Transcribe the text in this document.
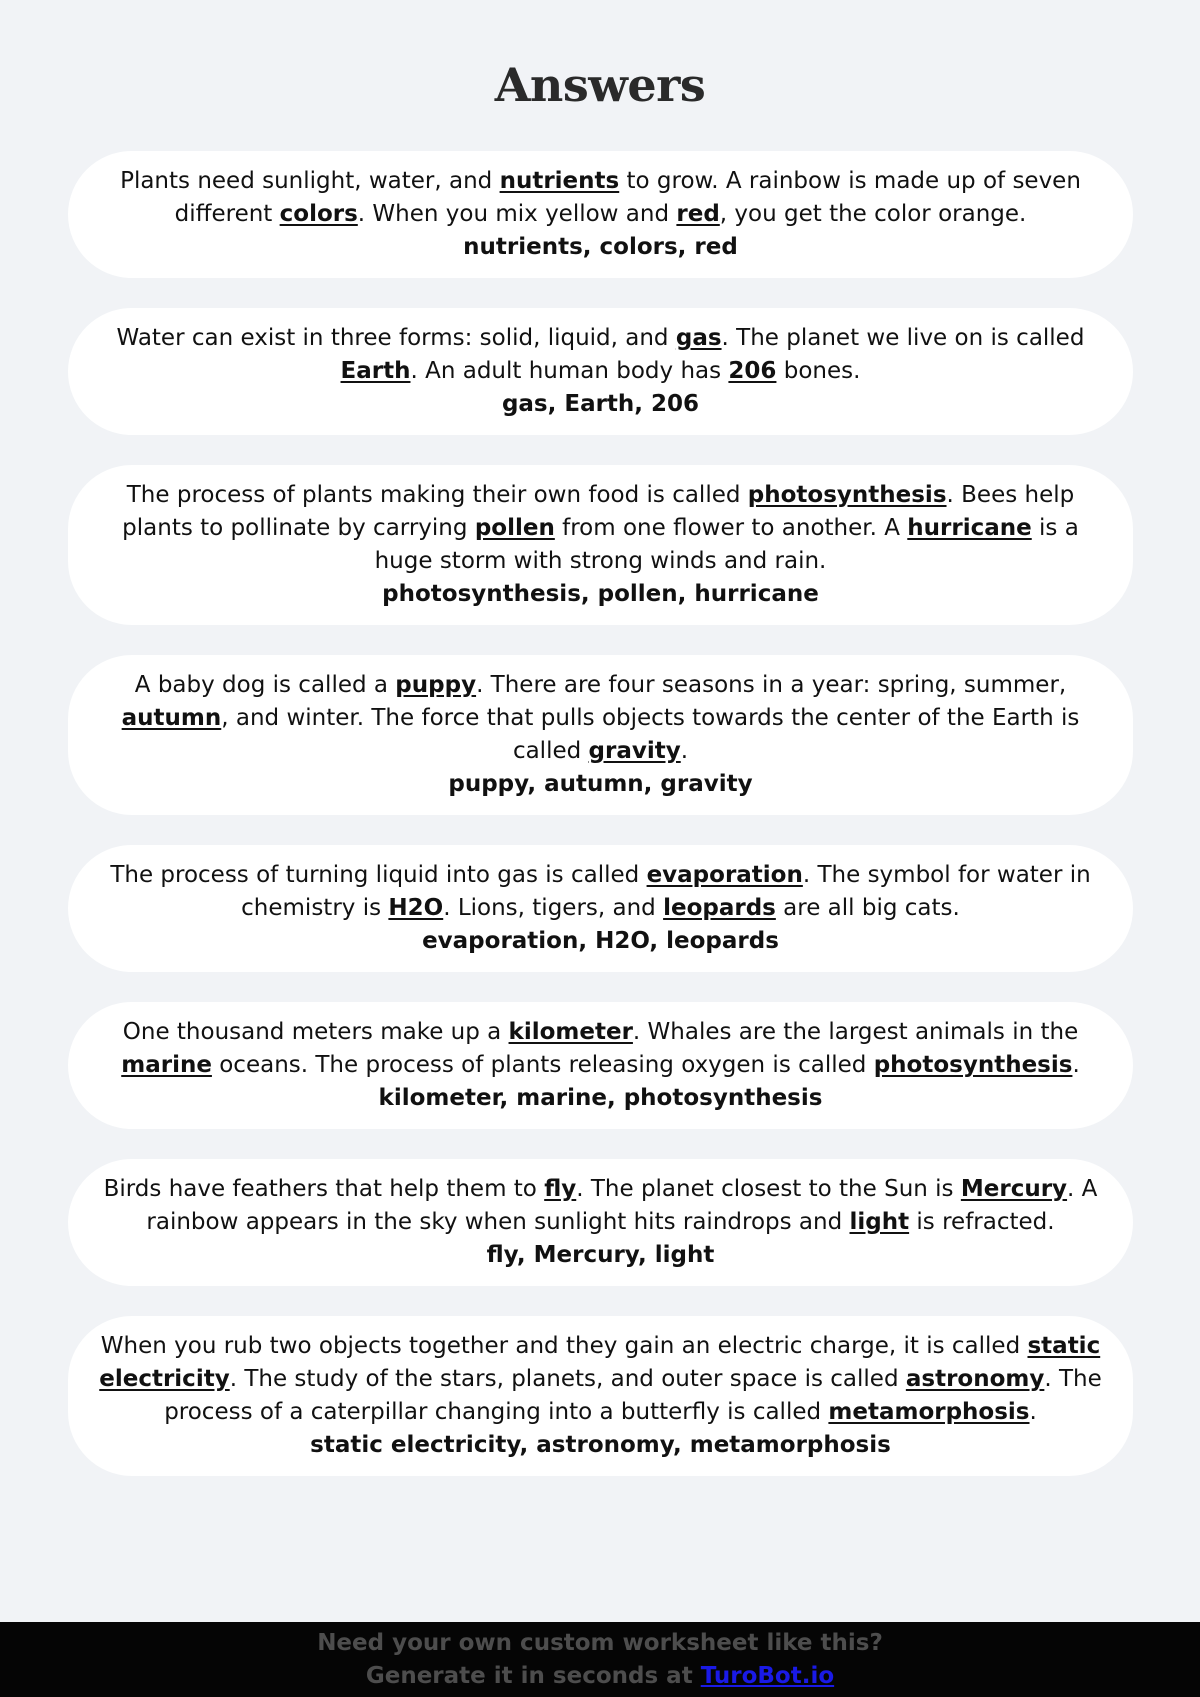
Answers

Plants need sunlight, water, and nutrients to grow. A rainbow is made up of seven different colors. When you mix yellow and red, you get the color orange.

nutrients, colors, red

Water can exist in three forms: solid, liquid, and gas. The planet we live on is called Earth. An adult human body has 206 bones.

gas, Earth, 206

The process of plants making their own food is called photosynthesis. Bees help plants to pollinate by carrying pollen from one flower to another. A hurricane is a huge storm with strong winds and rain.

photosynthesis, pollen, hurricane

A baby dog is called a puppy. There are four seasons in a year: spring, summer, autumn, and winter. The force that pulls objects towards the center of the Earth is called gravity.

puppy, autumn, gravity

The process of turning liquid into gas is called evaporation. The symbol for water in chemistry is H2O. Lions, tigers, and leopards are all big cats.

evaporation, H2O, leopards

One thousand meters make up a kilometer. Whales are the largest animals in the marine oceans. The process of plants releasing oxygen is called photosynthesis.

kilometer, marine, photosynthesis

Birds have feathers that help them to fly. The planet closest to the Sun is Mercury. A rainbow appears in the sky when sunlight hits raindrops and light is refracted.

fly, Mercury, light

When you rub two objects together and they gain an electric charge, it is called static electricity. The study of the stars, planets, and outer space is called astronomy. The process of a caterpillar changing into a butterfly is called metamorphosis.

static electricity, astronomy, metamorphosis

Need your own custom worksheet like this?

Generate it in seconds at TuroBot.io
